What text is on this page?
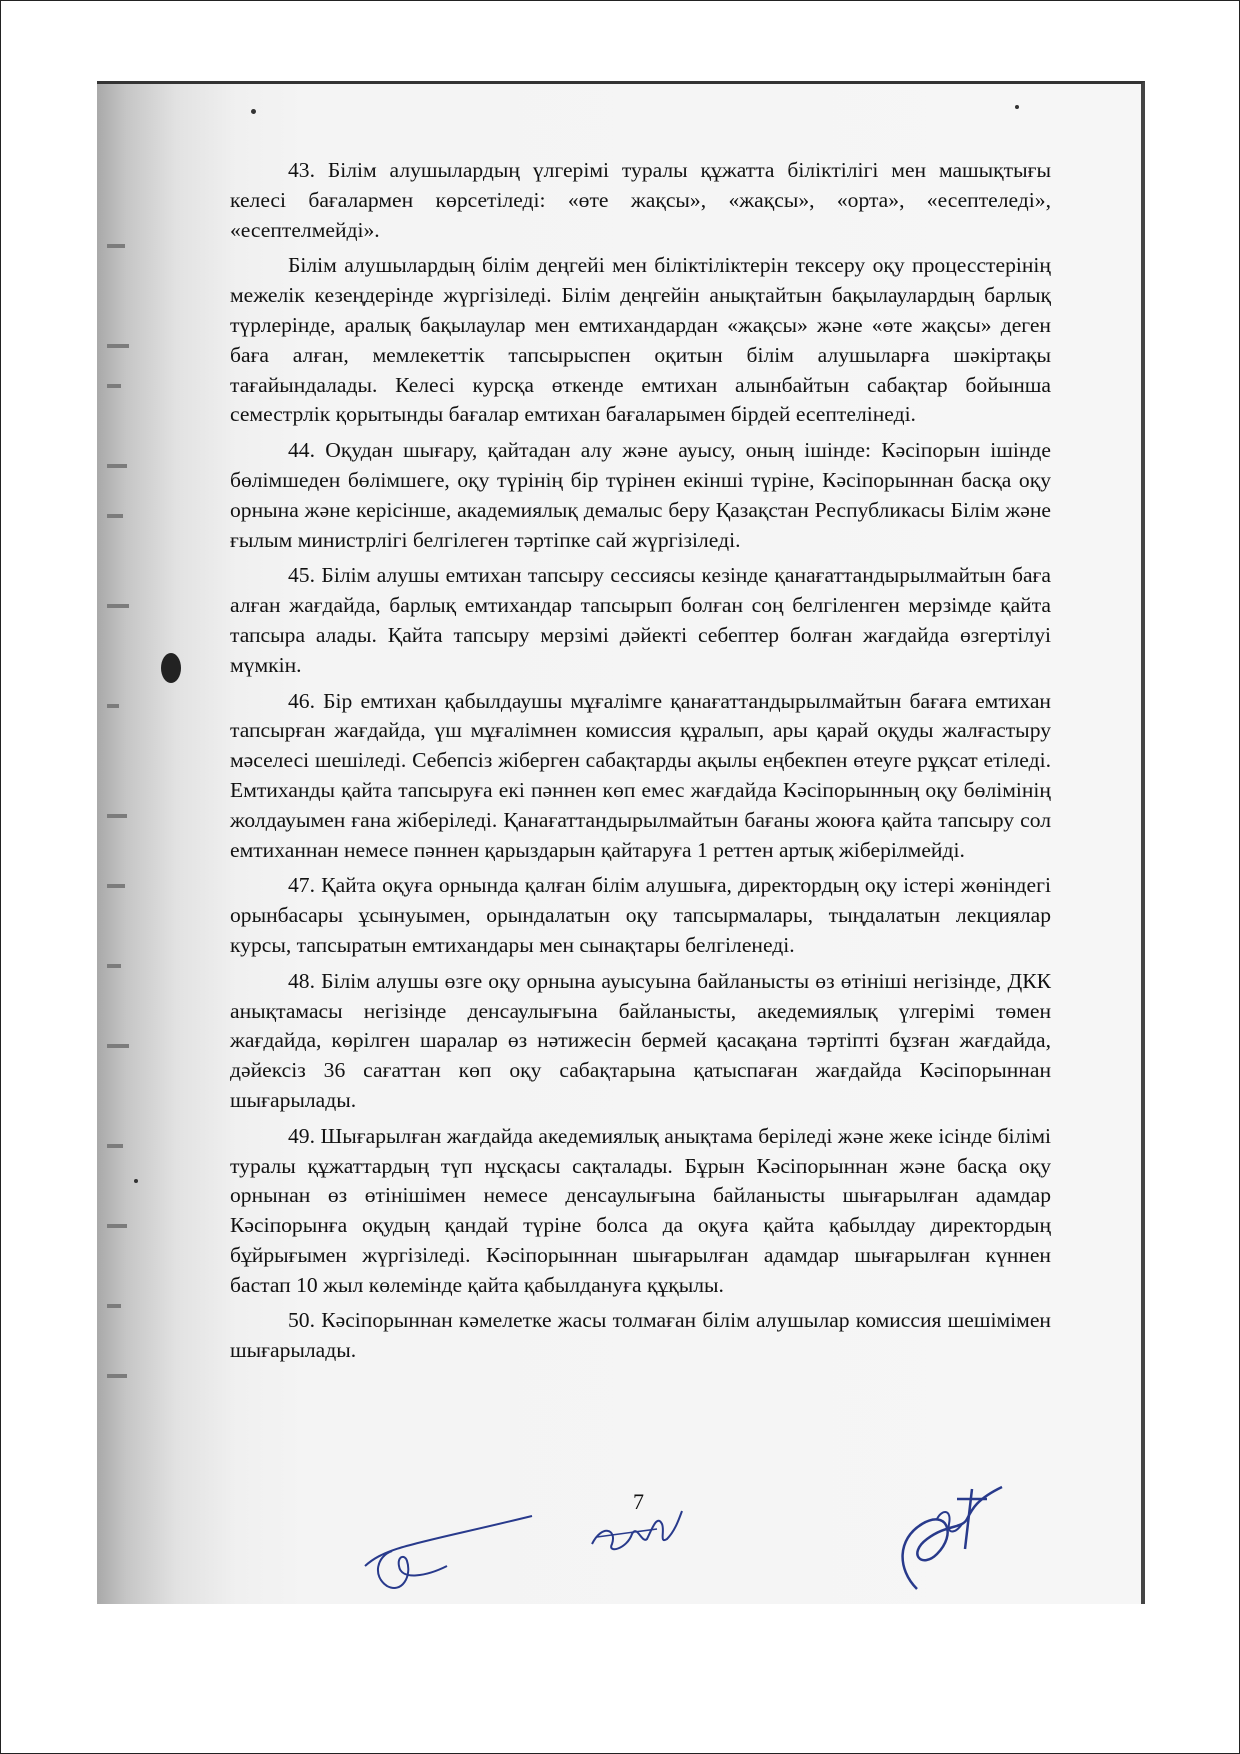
43. Білім алушылардың үлгерімі туралы құжатта біліктілігі мен машықтығы келесі бағалармен көрсетіледі: «өте жақсы», «жақсы», «орта», «есептеледі», «есептелмейді».

Білім алушылардың білім деңгейі мен біліктіліктерін тексеру оқу процесстерінің межелік кезеңдерінде жүргізіледі. Білім деңгейін анықтайтын бақылаулардың барлық түрлерінде, аралық бақылаулар мен емтихандардан «жақсы» және «өте жақсы» деген баға алған, мемлекеттік тапсырыспен оқитын білім алушыларға шәкіртақы тағайындалады. Келесі курсқа өткенде емтихан алынбайтын сабақтар бойынша семестрлік қорытынды бағалар емтихан бағаларымен бірдей есептелінеді.

44. Оқудан шығару, қайтадан алу және ауысу, оның ішінде: Кәсіпорын ішінде бөлімшеден бөлімшеге, оқу түрінің бір түрінен екінші түріне, Кәсіпорыннан басқа оқу орнына және керісінше, академиялық демалыс беру Қазақстан Республикасы Білім және ғылым министрлігі белгілеген тәртіпке сай жүргізіледі.

45. Білім алушы емтихан тапсыру сессиясы кезінде қанағаттандырылмайтын баға алған жағдайда, барлық емтихандар тапсырып болған соң белгіленген мерзімде қайта тапсыра алады. Қайта тапсыру мерзімі дәйекті себептер болған жағдайда өзгертілуі мүмкін.

46. Бір емтихан қабылдаушы мұғалімге қанағаттандырылмайтын бағаға емтихан тапсырған жағдайда, үш мұғалімнен комиссия құралып, ары қарай оқуды жалғастыру мәселесі шешіледі. Себепсіз жіберген сабақтарды ақылы еңбекпен өтеуге рұқсат етіледі. Емтиханды қайта тапсыруға екі пәннен көп емес жағдайда Кәсіпорынның оқу бөлімінің жолдауымен ғана жіберіледі. Қанағаттандырылмайтын бағаны жоюға қайта тапсыру сол емтиханнан немесе пәннен қарыздарын қайтаруға 1 реттен артық жіберілмейді.

47. Қайта оқуға орнында қалған білім алушыға, директордың оқу істері жөнiндегі орынбасары ұсынуымен, орындалатын оқу тапсырмалары, тыңдалатын лекциялар курсы, тапсыратын емтихандары мен сынақтары белгіленеді.

48. Білім алушы өзге оқу орнына ауысуына байланысты өз өтініші негізінде, ДКК анықтамасы негізінде денсаулығына байланысты, акедемиялық үлгерімі төмен жағдайда, көрілген шаралар өз нәтижесін бермей қасақана тәртіпті бұзған жағдайда, дәйексіз 36 сағаттан көп оқу сабақтарына қатыспаған жағдайда Кәсіпорыннан шығарылады.

49. Шығарылған жағдайда акедемиялық анықтама беріледі және жеке ісінде білімі туралы құжаттардың түп нұсқасы сақталады. Бұрын Кәсіпорыннан және басқа оқу орнынан өз өтінішімен немесе денсаулығына байланысты шығарылған адамдар Кәсіпорынға оқудың қандай түріне болса да оқуға қайта қабылдау директордың бұйрығымен жүргізіледі. Кәсіпорыннан шығарылған адамдар шығарылған күннен бастап 10 жыл көлемінде қайта қабылдануға құқылы.

50. Кәсіпорыннан кәмелетке жасы толмаған білім алушылар комиссия шешімімен шығарылады.

7
